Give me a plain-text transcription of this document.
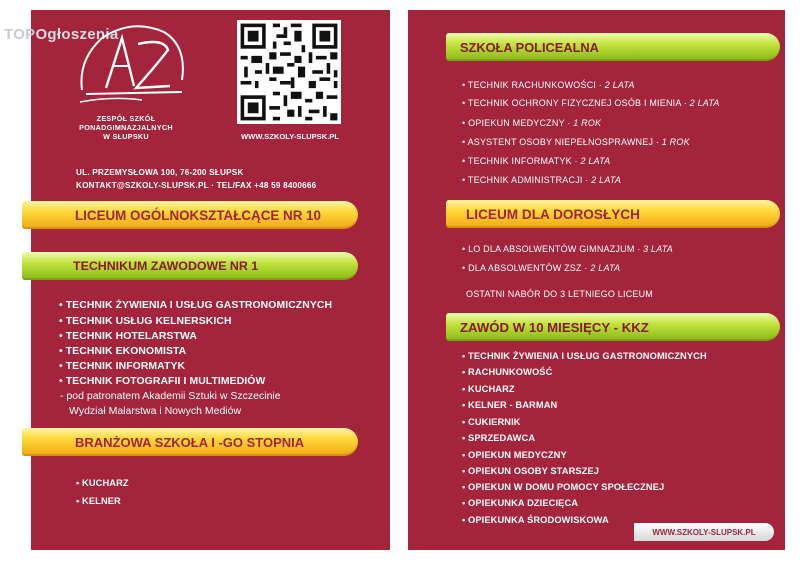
TOPOgłoszenia
ZESPÓŁ SZKÓŁ
PONADGIMNAZJALNYCH
W SŁUPSKU	WWW.SZKOLY-SLUPSK.PL
UL. PRZEMYSŁOWA 100, 76-200 SŁUPSK
KONTAKT@SZKOLY-SLUPSK.PL · TEL/FAX +48 59 8400666
LICEUM OGÓLNOKSZTAŁCĄCE NR 10
TECHNIKUM ZAWODOWE NR 1
• TECHNIK ŻYWIENIA I USŁUG GASTRONOMICZNYCH
• TECHNIK USŁUG KELNERSKICH
• TECHNIK HOTELARSTWA
• TECHNIK EKONOMISTA
• TECHNIK INFORMATYK
• TECHNIK FOTOGRAFII I MULTIMEDIÓW
- pod patronatem Akademii Sztuki w Szczecinie
Wydział Malarstwa i Nowych Mediów
BRANŻOWA SZKOŁA I -GO STOPNIA
• KUCHARZ
• KELNER
SZKOŁA POLICEALNA
• TECHNIK RACHUNKOWOŚCI · 2 LATA
• TECHNIK OCHRONY FIZYCZNEJ OSÓB I MIENIA · 2 LATA
• OPIEKUN MEDYCZNY · 1 ROK
• ASYSTENT OSOBY NIEPEŁNOSPRAWNEJ · 1 ROK
• TECHNIK INFORMATYK · 2 LATA
• TECHNIK ADMINISTRACJI · 2 LATA
LICEUM DLA DOROSŁYCH
• LO DLA ABSOLWENTÓW GIMNAZJUM · 3 LATA
• DLA ABSOLWENTÓW ZSZ · 2 LATA
OSTATNI NABÓR DO 3 LETNIEGO LICEUM
ZAWÓD W 10 MIESIĘCY - KKZ
• TECHNIK ŻYWIENIA I USŁUG GASTRONOMICZNYCH
• RACHUNKOWOŚĆ
• KUCHARZ
• KELNER - BARMAN
• CUKIERNIK
• SPRZEDAWCA
• OPIEKUN MEDYCZNY
• OPIEKUN OSOBY STARSZEJ
• OPIEKUN W DOMU POMOCY SPOŁECZNEJ
• OPIEKUNKA DZIECIĘCA
• OPIEKUNKA ŚRODOWISKOWA
WWW.SZKOLY-SLUPSK.PL
